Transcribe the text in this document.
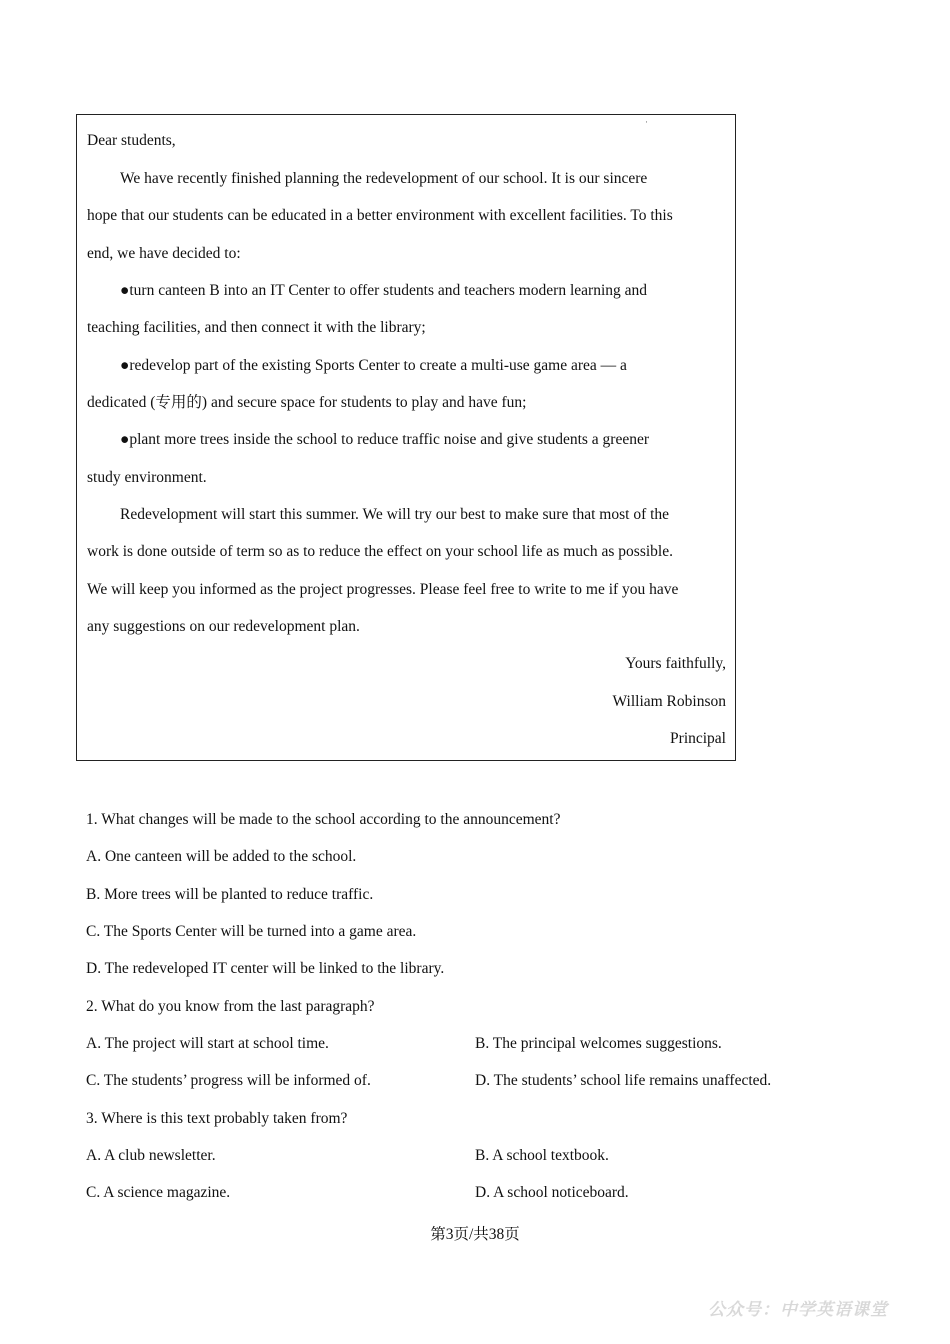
·
Dear students,
We have recently finished planning the redevelopment of our school. It is our sincere
hope that our students can be educated in a better environment with excellent facilities. To this
end, we have decided to:
●turn canteen B into an IT Center to offer students and teachers modern learning and
teaching facilities, and then connect it with the library;
●redevelop part of the existing Sports Center to create a multi-use game area — a
dedicated (专用的) and secure space for students to play and have fun;
●plant more trees inside the school to reduce traffic noise and give students a greener
study environment.
Redevelopment will start this summer. We will try our best to make sure that most of the
work is done outside of term so as to reduce the effect on your school life as much as possible.
We will keep you informed as the project progresses. Please feel free to write to me if you have
any suggestions on our redevelopment plan.
Yours faithfully,
William Robinson
Principal
1. What changes will be made to the school according to the announcement?
A. One canteen will be added to the school.
B. More trees will be planted to reduce traffic.
C. The Sports Center will be turned into a game area.
D. The redeveloped IT center will be linked to the library.
2. What do you know from the last paragraph?
A. The project will start at school time.	B. The principal welcomes suggestions.
C. The students’ progress will be informed of.	D. The students’ school life remains unaffected.
3. Where is this text probably taken from?
A. A club newsletter.	B. A school textbook.
C. A science magazine.	D. A school noticeboard.
第3页/共38页
公众号：中学英语课堂
